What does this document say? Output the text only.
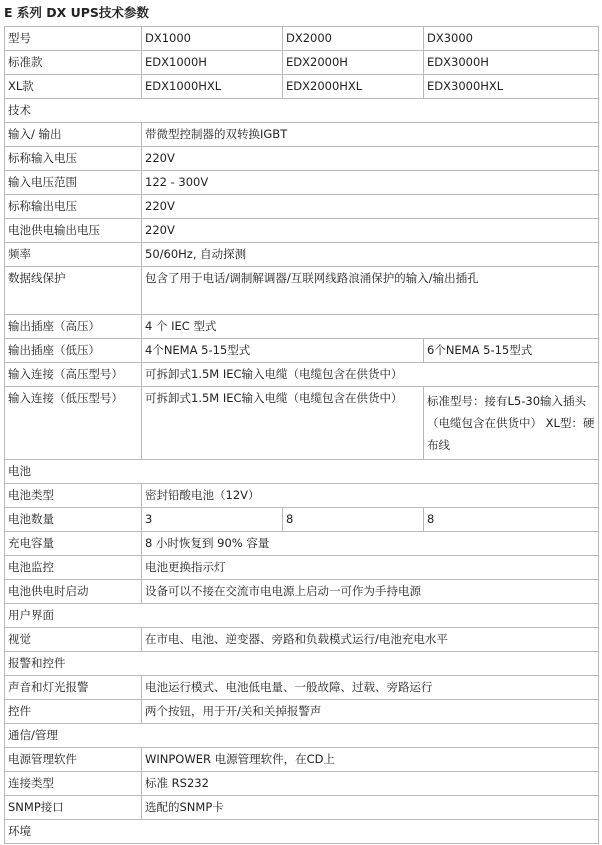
E 系列 DX UPS技术参数
型号	DX1000	DX2000	DX3000
标准款	EDX1000H	EDX2000H	EDX3000H
XL款	EDX1000HXL	EDX2000HXL	EDX3000HXL
技术			
输入/ 输出	带微型控制器的双转换IGBT		
标称输入电压	220V		
输入电压范围	122 - 300V		
标称输出电压	220V		
电池供电输出电压	220V		
频率	50/60Hz, 自动探测		
数据线保护	包含了用于电话/调制解调器/互联网线路浪涌保护的输入/输出插孔		
输出插座（高压）	4 个 IEC 型式		
输出插座（低压）	4个NEMA 5-15型式		6个NEMA 5-15型式
输入连接（高压型号）	可拆卸式1.5M IEC输入电缆（电缆包含在供货中）		
输入连接（低压型号）	可拆卸式1.5M IEC输入电缆（电缆包含在供货中）		标准型号：接有L5-30输入插头（电缆包含在供货中） XL型：硬布线
电池			
电池类型	密封铅酸电池（12V）		
电池数量	3	8	8
充电容量	8 小时恢复到 90% 容量		
电池监控	电池更换指示灯		
电池供电时启动	设备可以不接在交流市电电源上启动一可作为手持电源		
用户界面			
视觉	在市电、电池、逆变器、旁路和负载模式运行/电池充电水平		
报警和控件			
声音和灯光报警	电池运行模式、电池低电量、一般故障、过载、旁路运行		
控件	两个按钮，用于开/关和关掉报警声		
通信/管理			
电源管理软件	WINPOWER 电源管理软件，在CD上		
连接类型	标准 RS232		
SNMP接口	选配的SNMP卡		
环境			
